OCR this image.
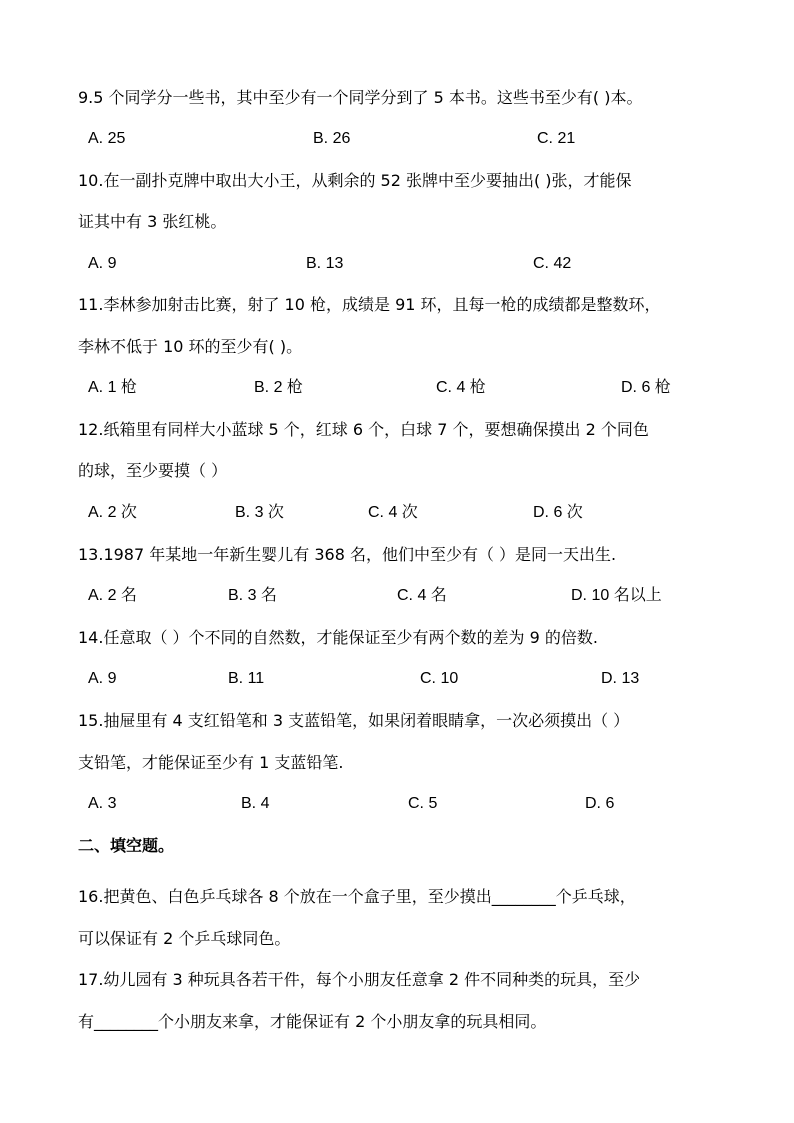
9.5 个同学分一些书，其中至少有一个同学分到了 5 本书。这些书至少有( )本。
A. 25	B. 26	C. 21
10.在一副扑克牌中取出大小王，从剩余的 52 张牌中至少要抽出( )张，才能保
证其中有 3 张红桃。
A. 9	B. 13	C. 42
11.李林参加射击比赛，射了 10 枪，成绩是 91 环，且每一枪的成绩都是整数环，
李林不低于 10 环的至少有( )。
A. 1 枪	B. 2 枪	C. 4 枪	D. 6 枪
12.纸箱里有同样大小蓝球 5 个，红球 6 个，白球 7 个，要想确保摸出 2 个同色
的球，至少要摸（ ）
A. 2 次	B. 3 次	C. 4 次	D. 6 次
13.1987 年某地一年新生婴儿有 368 名，他们中至少有（ ）是同一天出生.
A. 2 名	B. 3 名	C. 4 名	D. 10 名以上
14.任意取（ ）个不同的自然数，才能保证至少有两个数的差为 9 的倍数.
A. 9	B. 11	C. 10	D. 13
15.抽屉里有 4 支红铅笔和 3 支蓝铅笔，如果闭着眼睛拿，一次必须摸出（ ）
支铅笔，才能保证至少有 1 支蓝铅笔.
A. 3	B. 4	C. 5	D. 6
二、填空题。
16.把黄色、白色乒乓球各 8 个放在一个盒子里，至少摸出________个乒乓球，
可以保证有 2 个乒乓球同色。
17.幼儿园有 3 种玩具各若干件，每个小朋友任意拿 2 件不同种类的玩具，至少
有________个小朋友来拿，才能保证有 2 个小朋友拿的玩具相同。
